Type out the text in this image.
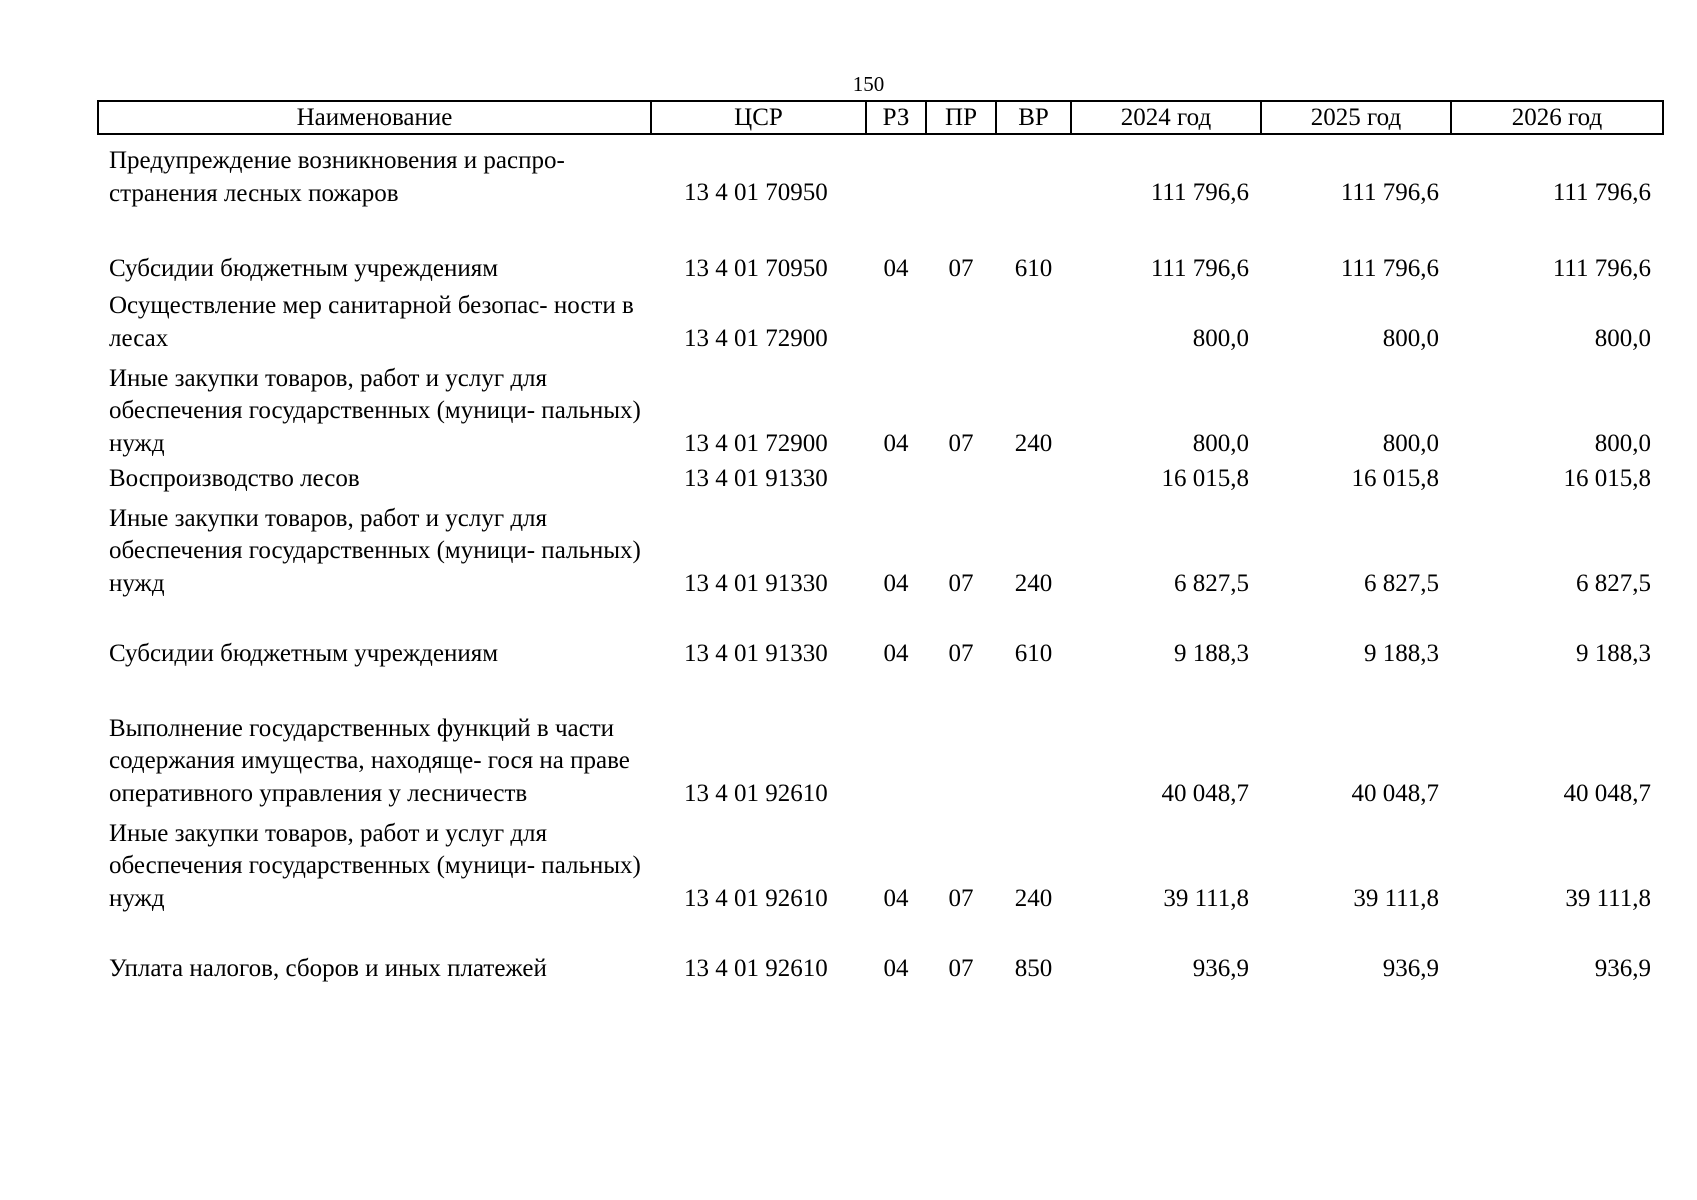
150
Наименование	ЦСР	РЗ	ПР	ВР	2024 год	2025 год	2026 год

Предупреждение возникновения и распро- странения лесных пожаров	13 4 01 70950				111 796,6	111 796,6	111 796,6
Субсидии бюджетным учреждениям	13 4 01 70950	04	07	610	111 796,6	111 796,6	111 796,6
Осуществление мер санитарной безопас- ности в лесах	13 4 01 72900				800,0	800,0	800,0
Иные закупки товаров, работ и услуг для обеспечения государственных (муници- пальных) нужд	13 4 01 72900	04	07	240	800,0	800,0	800,0
Воспроизводство лесов	13 4 01 91330				16 015,8	16 015,8	16 015,8
Иные закупки товаров, работ и услуг для обеспечения государственных (муници- пальных) нужд	13 4 01 91330	04	07	240	6 827,5	6 827,5	6 827,5
Субсидии бюджетным учреждениям	13 4 01 91330	04	07	610	9 188,3	9 188,3	9 188,3
Выполнение государственных функций в части содержания имущества, находяще- гося на праве оперативного управления у лесничеств	13 4 01 92610				40 048,7	40 048,7	40 048,7
Иные закупки товаров, работ и услуг для обеспечения государственных (муници- пальных) нужд	13 4 01 92610	04	07	240	39 111,8	39 111,8	39 111,8
Уплата налогов, сборов и иных платежей	13 4 01 92610	04	07	850	936,9	936,9	936,9
